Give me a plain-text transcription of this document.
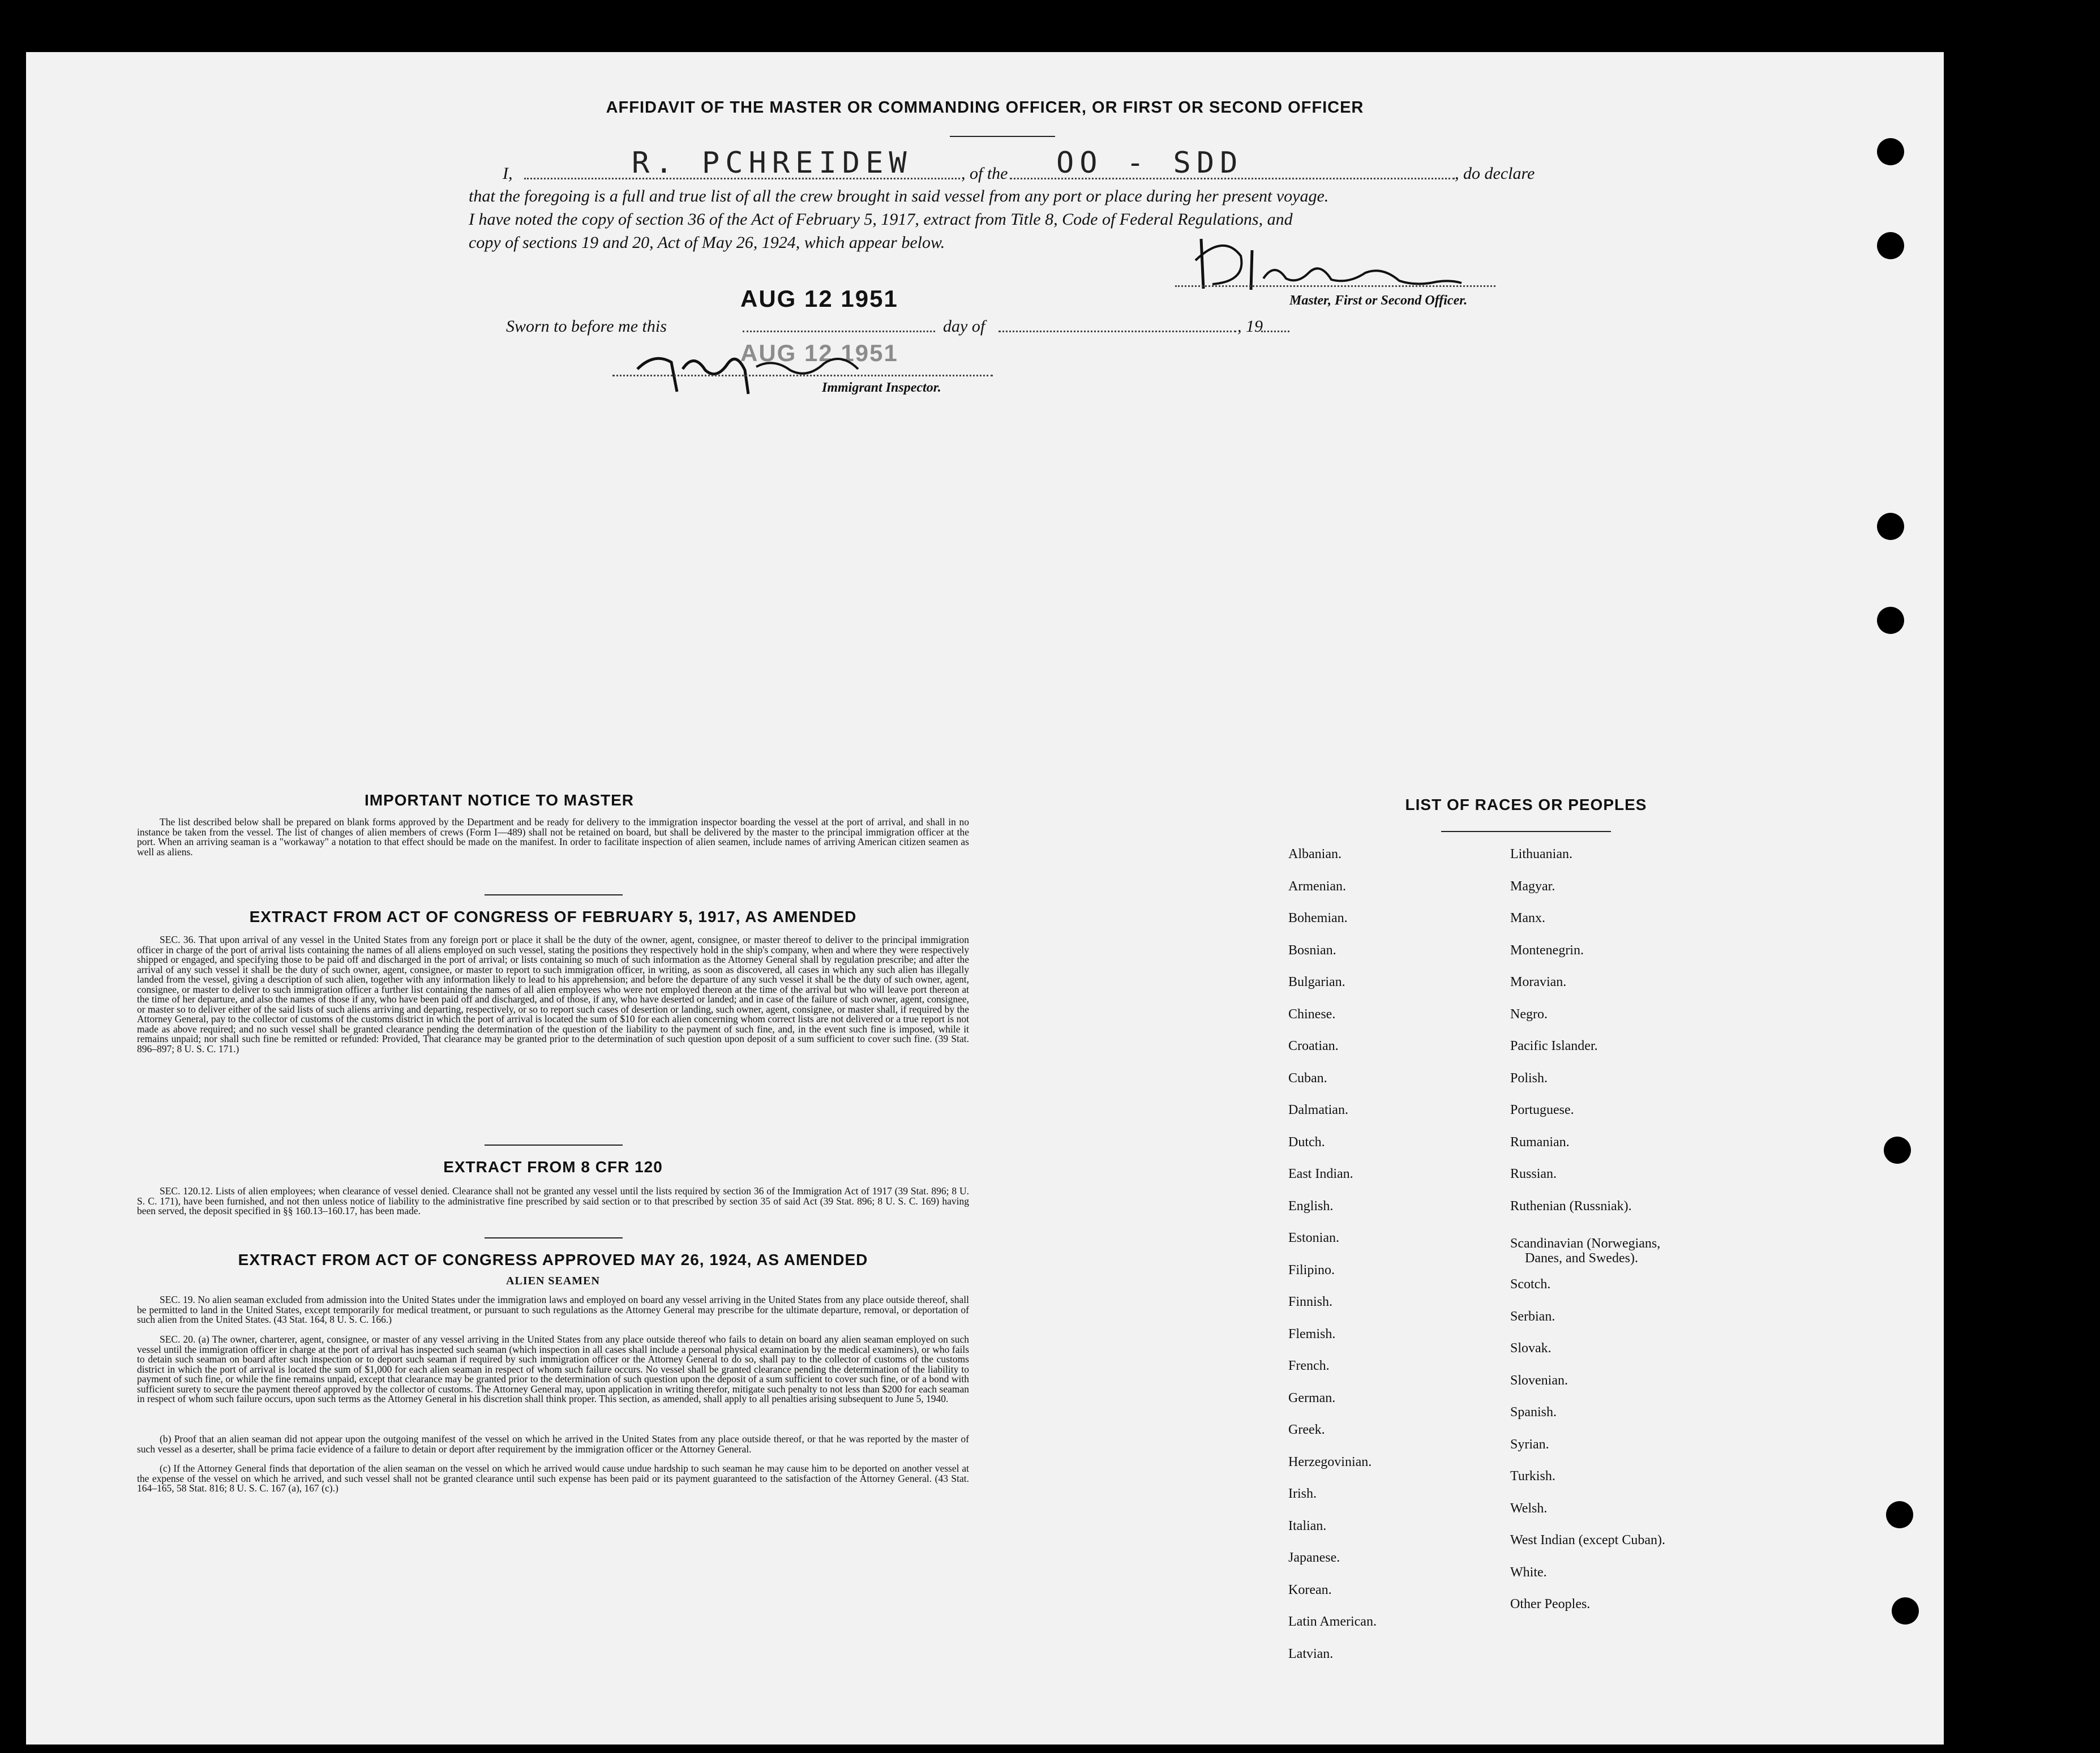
AFFIDAVIT OF THE MASTER OR COMMANDING OFFICER, OR FIRST OR SECOND OFFICER
I,	R. PCHREIDEW	, of the OO - SDD	, do declare
that the foregoing is a full and true list of all the crew brought in said vessel from any port or place during her present voyage.
I have noted the copy of section 36 of the Act of February 5, 1917, extract from Title 8, Code of Federal Regulations, and
copy of sections 19 and 20, Act of May 26, 1924, which appear below.
AUG 12 1951	Master, First or Second Officer.
Sworn to before me this	day of	, 19
AUG 12 1951
Immigrant Inspector.
IMPORTANT NOTICE TO MASTER
The list described below shall be prepared on blank forms approved by the Department and be ready for delivery to the immigration inspector boarding the vessel at the port of arrival, and shall in no instance be taken from the vessel. The list of changes of alien members of crews (Form I—489) shall not be retained on board, but shall be delivered by the master to the principal immigration officer at the port. When an arriving seaman is a "workaway" a notation to that effect should be made on the manifest. In order to facilitate inspection of alien seamen, include names of arriving American citizen seamen as well as aliens.
EXTRACT FROM ACT OF CONGRESS OF FEBRUARY 5, 1917, AS AMENDED
SEC. 36. That upon arrival of any vessel in the United States from any foreign port or place it shall be the duty of the owner, agent, consignee, or master thereof to deliver to the principal immigration officer in charge of the port of arrival lists containing the names of all aliens employed on such vessel, stating the positions they respectively hold in the ship's company, when and where they were respectively shipped or engaged, and specifying those to be paid off and discharged in the port of arrival; or lists containing so much of such information as the Attorney General shall by regulation prescribe; and after the arrival of any such vessel it shall be the duty of such owner, agent, consignee, or master to report to such immigration officer, in writing, as soon as discovered, all cases in which any such alien has illegally landed from the vessel, giving a description of such alien, together with any information likely to lead to his apprehension; and before the departure of any such vessel it shall be the duty of such owner, agent, consignee, or master to deliver to such immigration officer a further list containing the names of all alien employees who were not employed thereon at the time of the arrival but who will leave port thereon at the time of her departure, and also the names of those if any, who have been paid off and discharged, and of those, if any, who have deserted or landed; and in case of the failure of such owner, agent, consignee, or master so to deliver either of the said lists of such aliens arriving and departing, respectively, or so to report such cases of desertion or landing, such owner, agent, consignee, or master shall, if required by the Attorney General, pay to the collector of customs of the customs district in which the port of arrival is located the sum of $10 for each alien concerning whom correct lists are not delivered or a true report is not made as above required; and no such vessel shall be granted clearance pending the determination of the question of the liability to the payment of such fine, and, in the event such fine is imposed, while it remains unpaid; nor shall such fine be remitted or refunded: Provided, That clearance may be granted prior to the determination of such question upon deposit of a sum sufficient to cover such fine. (39 Stat. 896–897; 8 U. S. C. 171.)
EXTRACT FROM 8 CFR 120
SEC. 120.12. Lists of alien employees; when clearance of vessel denied. Clearance shall not be granted any vessel until the lists required by section 36 of the Immigration Act of 1917 (39 Stat. 896; 8 U. S. C. 171), have been furnished, and not then unless notice of liability to the administrative fine prescribed by said section or to that prescribed by section 35 of said Act (39 Stat. 896; 8 U. S. C. 169) having been served, the deposit specified in §§ 160.13–160.17, has been made.
EXTRACT FROM ACT OF CONGRESS APPROVED MAY 26, 1924, AS AMENDED
ALIEN SEAMEN
SEC. 19. No alien seaman excluded from admission into the United States under the immigration laws and employed on board any vessel arriving in the United States from any place outside thereof, shall be permitted to land in the United States, except temporarily for medical treatment, or pursuant to such regulations as the Attorney General may prescribe for the ultimate departure, removal, or deportation of such alien from the United States. (43 Stat. 164, 8 U. S. C. 166.)
SEC. 20. (a) The owner, charterer, agent, consignee, or master of any vessel arriving in the United States from any place outside thereof who fails to detain on board any alien seaman employed on such vessel until the immigration officer in charge at the port of arrival has inspected such seaman (which inspection in all cases shall include a personal physical examination by the medical examiners), or who fails to detain such seaman on board after such inspection or to deport such seaman if required by such immigration officer or the Attorney General to do so, shall pay to the collector of customs of the customs district in which the port of arrival is located the sum of $1,000 for each alien seaman in respect of whom such failure occurs. No vessel shall be granted clearance pending the determination of the liability to payment of such fine, or while the fine remains unpaid, except that clearance may be granted prior to the determination of such question upon the deposit of a sum sufficient to cover such fine, or of a bond with sufficient surety to secure the payment thereof approved by the collector of customs. The Attorney General may, upon application in writing therefor, mitigate such penalty to not less than $200 for each seaman in respect of whom such failure occurs, upon such terms as the Attorney General in his discretion shall think proper. This section, as amended, shall apply to all penalties arising subsequent to June 5, 1940.
(b) Proof that an alien seaman did not appear upon the outgoing manifest of the vessel on which he arrived in the United States from any place outside thereof, or that he was reported by the master of such vessel as a deserter, shall be prima facie evidence of a failure to detain or deport after requirement by the immigration officer or the Attorney General.
(c) If the Attorney General finds that deportation of the alien seaman on the vessel on which he arrived would cause undue hardship to such seaman he may cause him to be deported on another vessel at the expense of the vessel on which he arrived, and such vessel shall not be granted clearance until such expense has been paid or its payment guaranteed to the satisfaction of the Attorney General. (43 Stat. 164–165, 58 Stat. 816; 8 U. S. C. 167 (a), 167 (c).)
LIST OF RACES OR PEOPLES
Albanian.
Armenian.
Bohemian.
Bosnian.
Bulgarian.
Chinese.
Croatian.
Cuban.
Dalmatian.
Dutch.
East Indian.
English.
Estonian.
Filipino.
Finnish.
Flemish.
French.
German.
Greek.
Herzegovinian.
Irish.
Italian.
Japanese.
Korean.
Latin American.
Latvian.
Lithuanian.
Magyar.
Manx.
Montenegrin.
Moravian.
Negro.
Pacific Islander.
Polish.
Portuguese.
Rumanian.
Russian.
Ruthenian (Russniak).
Scandinavian (Norwegians,
Danes, and Swedes).
Scotch.
Serbian.
Slovak.
Slovenian.
Spanish.
Syrian.
Turkish.
Welsh.
West Indian (except Cuban).
White.
Other Peoples.
